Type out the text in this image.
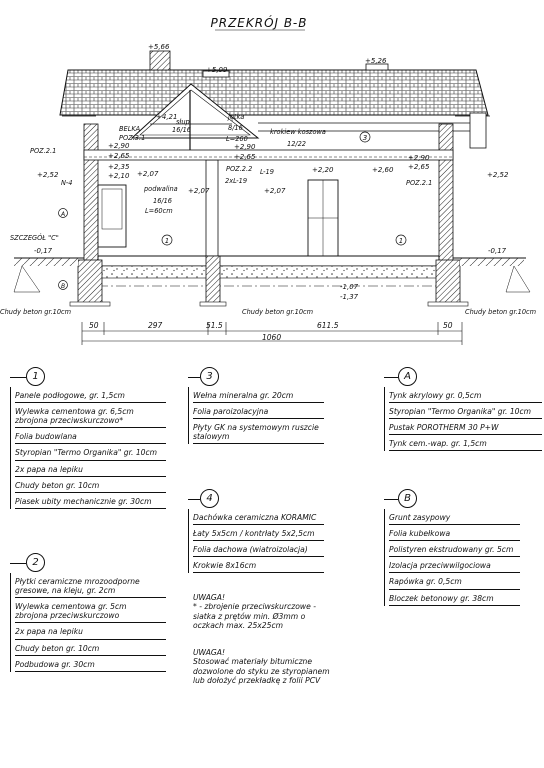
PRZEKRÓJ B-B
+5,66
+5,09
+5,26
+4,21
+2,90
+2,65
+2,35
+2,10 +2,07
+2,07
+2,90
+2,65	+2,90
+2,65
+2,60
+2,52	+2,52
+2,20
+2,07
-0,17	-0,17
-1,07
-1,37
BELKA
POZ.3.1
słup
16/16
jętka
8/16
L=260
krokiew koszowa
12/22
POZ.2.1
POZ.2.1
POZ.2.2
N-4
podwalina
16/16
L=60cm
L-19
2xL-19
SZCZEGÓŁ "C"
Chudy beton gr.10cm	Chudy beton gr.10cm	Chudy beton gr.10cm
1	1
3
A
B
50	297	51.5	611.5	50
1060
1
Panele podłogowe, gr. 1,5cm
Wylewka cementowa gr. 6,5cm
zbrojona przeciwskurczowo*
Folia budowlana
Styropian "Termo Organika" gr. 10cm
2x papa na lepiku
Chudy beton gr. 10cm
Piasek ubity mechanicznie gr. 30cm
2
Płytki ceramiczne mrozoodporne
gresowe, na kleju, gr. 2cm
Wylewka cementowa gr. 5cm
zbrojona przeciwskurczowo
2x papa na lepiku
Chudy beton gr. 10cm
Podbudowa gr. 30cm
3
Wełna mineralna gr. 20cm
Folia paroizolacyjna
Płyty GK na systemowym ruszcie
stalowym
4
Dachówka ceramiczna KORAMIC
Łaty 5x5cm / kontrłaty 5x2,5cm
Folia dachowa (wiatroizolacja)
Krokwie 8x16cm
A
Tynk akrylowy gr. 0,5cm
Styropian "Termo Organika" gr. 10cm
Pustak POROTHERM 30 P+W
Tynk cem.-wap. gr. 1,5cm
B
Grunt zasypowy
Folia kubełkowa
Polistyren ekstrudowany gr. 5cm
Izolacja przeciwwilgociowa
Rapówka gr. 0,5cm
Bloczek betonowy gr. 38cm
UWAGA!
* - zbrojenie przeciwskurczowe -
siatka z prętów min. Ø3mm o
oczkach max. 25x25cm
UWAGA!
Stosować materiały bitumiczne
dozwolone do styku ze styropianem
lub dołożyć przekładkę z folii PCV
